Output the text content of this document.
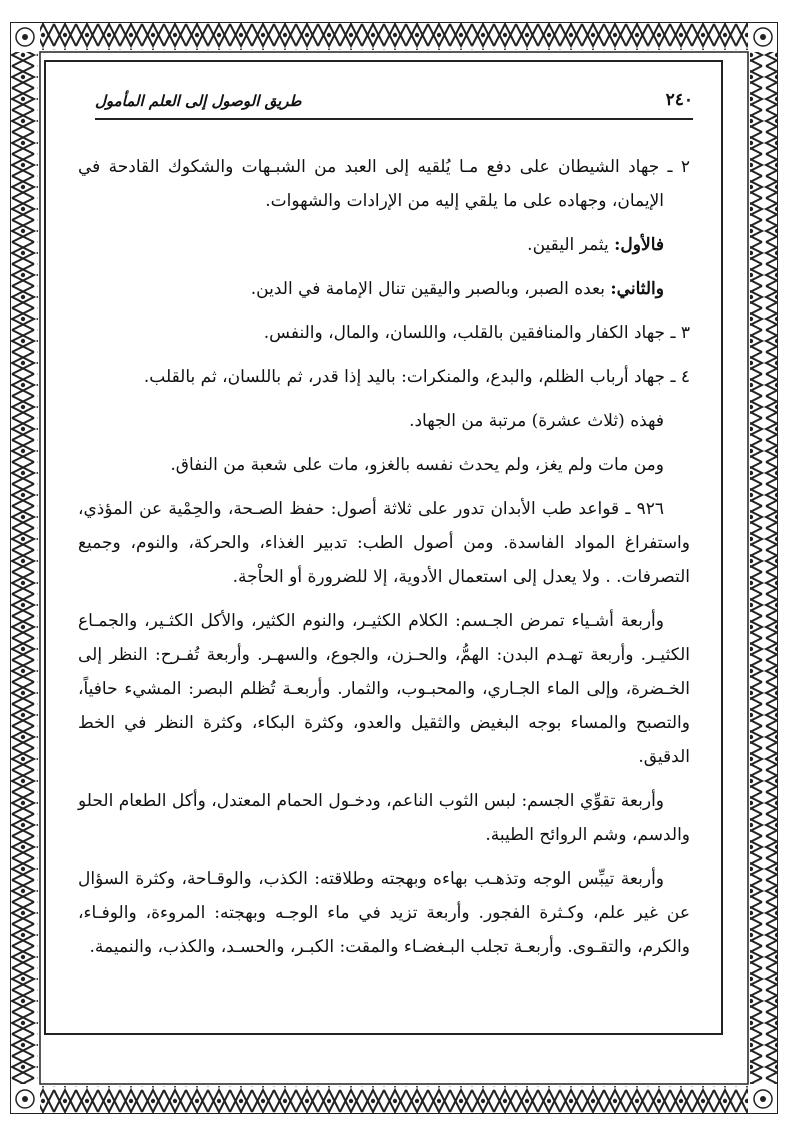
٢٤٠
طريق الوصول إلى العلم المأمول

٢ ـ جهاد الشيطان على دفع مـا يُلقيه إلى العبد من الشبـهات والشكوك القادحة في الإيمان، وجهاده على ما يلقي إليه من الإرادات والشهوات.

فالأول: يثمر اليقين.

والثاني: بعده الصبر، وبالصبر واليقين تنال الإمامة في الدين.

٣ ـ جهاد الكفار والمنافقين بالقلب، واللسان، والمال، والنفس.

٤ ـ جهاد أرباب الظلم، والبدع، والمنكرات: باليد إذا قدر، ثم باللسان، ثم بالقلب.

فهذه (ثلاث عشرة) مرتبة من الجهاد.

ومن مات ولم يغز، ولم يحدث نفسه بالغزو، مات على شعبة من النفاق.

٩٢٦ ـ قواعد طب الأبدان تدور على ثلاثة أصول: حفظ الصـحة، والحِمْية عن المؤذي، واستفراغ المواد الفاسدة. ومن أصول الطب: تدبير الغذاء، والحركة، والنوم، وجميع التصرفات. . ولا يعدل إلى استعمال الأدوية، إلا للضرورة أو الحاْجة.

وأربعة أشـياء تمرض الجـسم: الكلام الكثيـر، والنوم الكثير، والأكل الكثـير، والجمـاع الكثيـر. وأربعة تهـدم البدن: الهمُّ، والحـزن، والجوع، والسهـر. وأربعة تُفـرح: النظر إلى الخـضرة، وإلى الماء الجـاري، والمحبـوب، والثمار. وأربعـة تُظلم البصر: المشيء حافياً، والتصبح والمساء بوجه البغيض والثقيل والعدو، وكثرة البكاء، وكثرة النظر في الخط الدقيق.

وأربعة تقوِّي الجسم: لبس الثوب الناعم، ودخـول الحمام المعتدل، وأكل الطعام الحلو والدسم، وشم الروائح الطيبة.

وأربعة تيبِّس الوجه وتذهـب بهاءه وبهجته وطلاقته: الكذب، والوقـاحة، وكثرة السؤال عن غير علم، وكـثرة الفجور. وأربعة تزيد في ماء الوجـه وبهجته: المروءة، والوفـاء، والكرم، والتقـوى. وأربعـة تجلب البـغضـاء والمقت: الكبـر، والحسـد، والكذب، والنميمة.
